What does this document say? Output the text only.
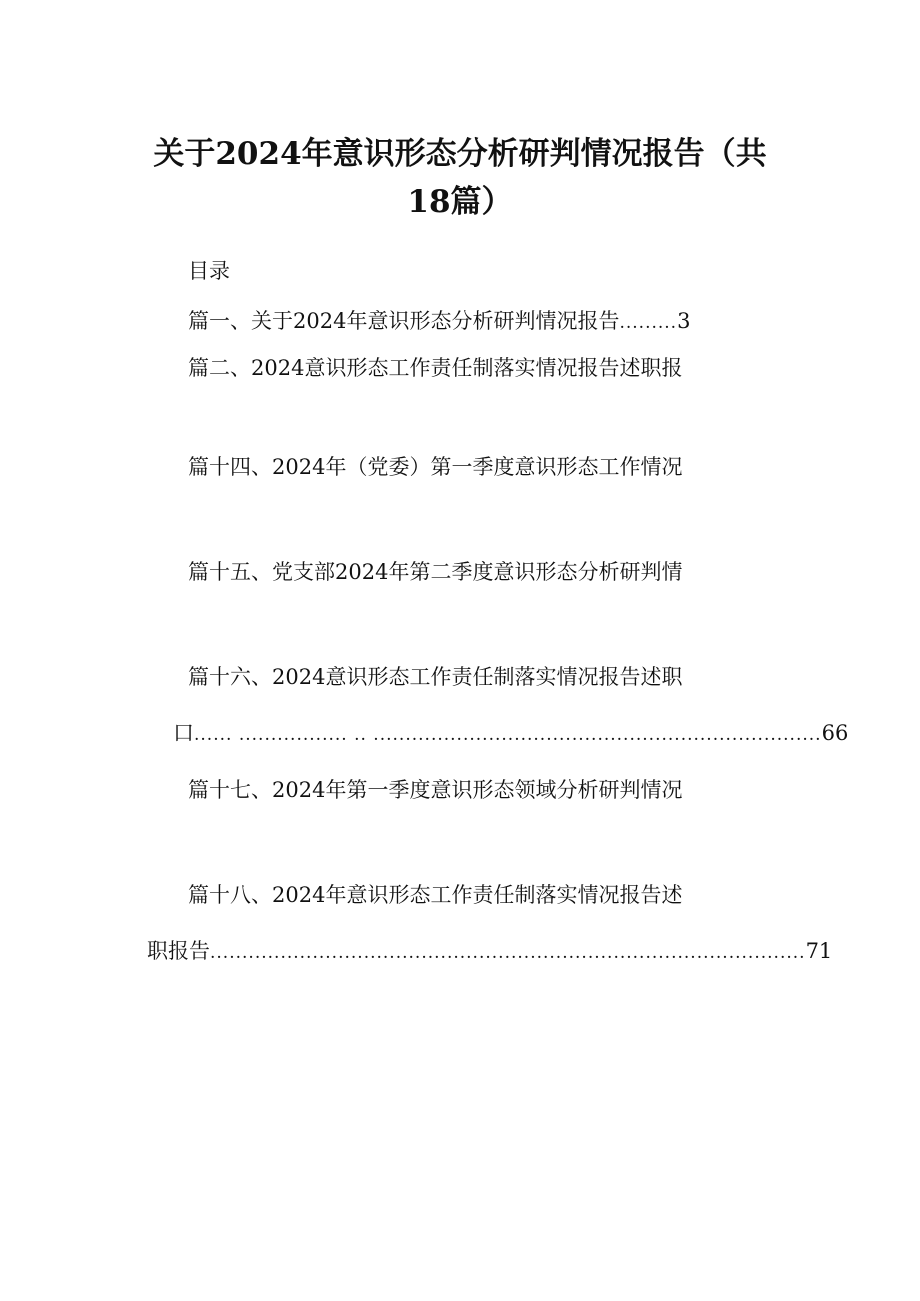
关于2024年意识形态分析研判情况报告（共
18篇）
目录
篇一、关于2024年意识形态分析研判情况报告 ......... 3
篇二、2024意识形态工作责任制落实情况报告述职报
篇十四、2024年（党委）第一季度意识形态工作情况
篇十五、党支部2024年第二季度意识形态分析研判情
篇十六、2024意识形态工作责任制落实情况报告述职
口 ...... ................. .. ...................................................................... 66
篇十七、2024年第一季度意识形态领域分析研判情况
篇十八、2024年意识形态工作责任制落实情况报告述
职报告 ............................................................................................. 71
